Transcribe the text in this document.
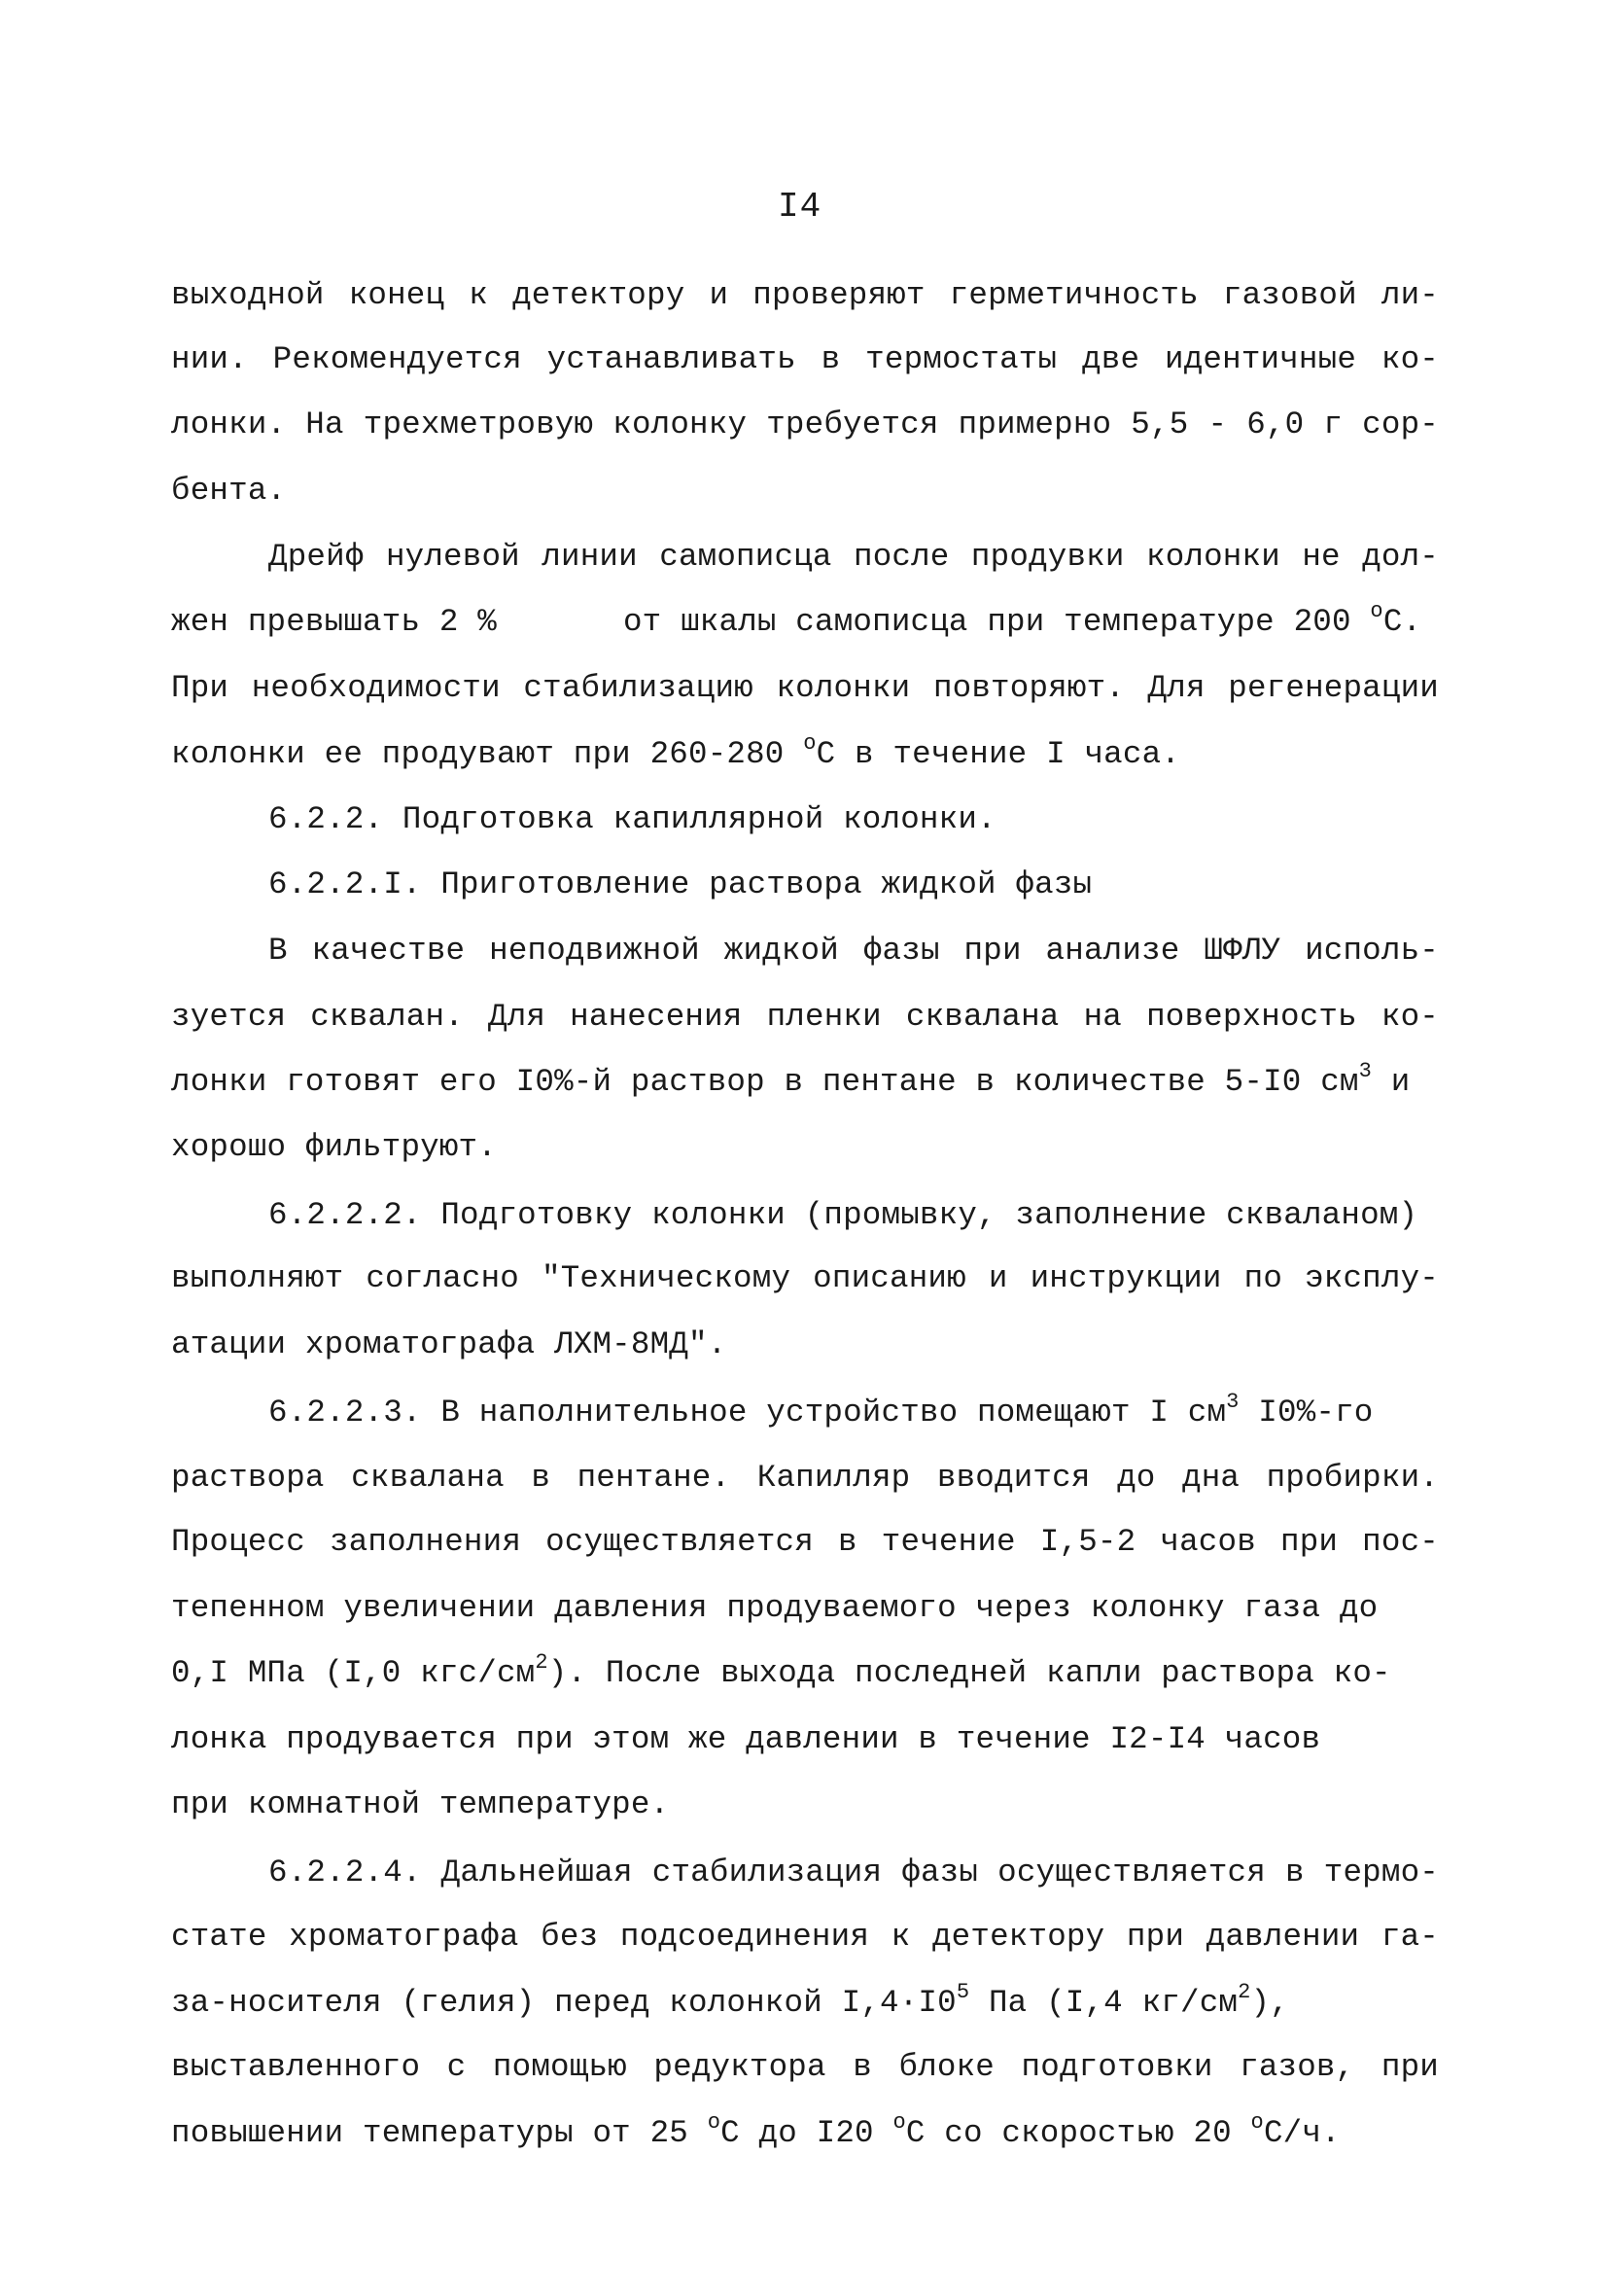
I4
выходной конец к детектору и проверяют герметичность газовой ли-
нии. Рекомендуется устанавливать в термостаты две идентичные ко-
лонки. На трехметровую колонку требуется примерно 5,5 - 6,0 г сор-
бента.
Дрейф нулевой линии самописца после продувки колонки не дол-
жен превышать 2 %	от шкалы самописца при температуре 200 $^о$С.
При необходимости стабилизацию колонки повторяют. Для регенерации
колонки ее продувают при 260-280 $^о$С в течение I часа.
6.2.2. Подготовка капиллярной колонки.
6.2.2.I. Приготовление раствора жидкой фазы
В качестве неподвижной жидкой фазы при анализе ШФЛУ исполь-
зуется сквалан. Для нанесения пленки сквалана на поверхность ко-
лонки готовят его I0%-й раствор в пентане в количестве 5-I0 $см^3$ и
хорошо фильтруют.
6.2.2.2. Подготовку колонки (промывку, заполнение скваланом)
выполняют согласно "Техническому описанию и инструкции по эксплу-
атации хроматографа ЛХМ-8МД".
6.2.2.3. В наполнительное устройство помещают I $см^3$ I0%-го
раствора сквалана в пентане. Капилляр вводится до дна пробирки.
Процесс заполнения осуществляется в течение I,5-2 часов при пос-
тепенном увеличении давления продуваемого через колонку газа до
0,I МПа (I,0 кгс/$см^2$). После выхода последней капли раствора ко-
лонка продувается при этом же давлении в течение I2-I4 часов
при комнатной температуре.
6.2.2.4. Дальнейшая стабилизация фазы осуществляется в термо-
стате хроматографа без подсоединения к детектору при давлении га-
за-носителя (гелия) перед колонкой $I,4\cdot I0^5$ Па (I,4 $кг/см^2$),
выставленного с помощью редуктора в блоке подготовки газов, при
повышении температуры от 25 $^о$С до I20 $^о$С со скоростью 20 $^о$С/ч.
